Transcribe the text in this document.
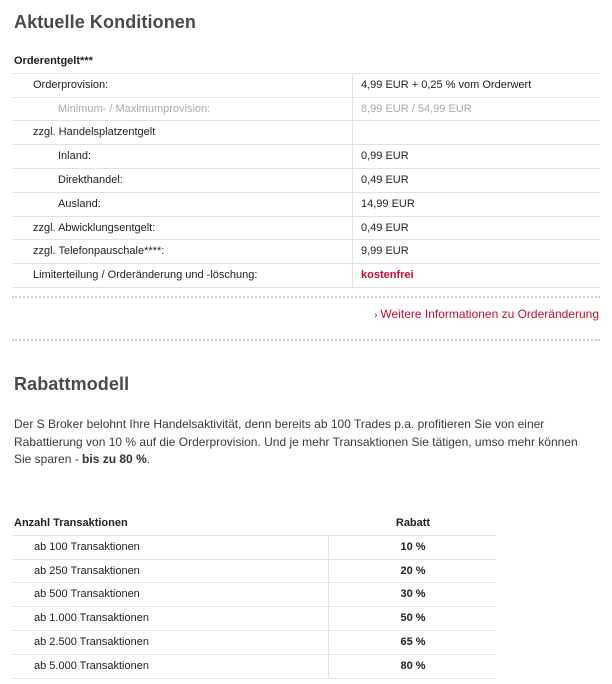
Aktuelle Konditionen
Orderentgelt***
Orderprovision:	4,99 EUR + 0,25 % vom Orderwert
Minimum- / Maximumprovision:	8,99 EUR / 54,99 EUR
zzgl. Handelsplatzentgelt
Inland:	0,99 EUR
Direkthandel:	0,49 EUR
Ausland:	14,99 EUR
zzgl. Abwicklungsentgelt:	0,49 EUR
zzgl. Telefonpauschale****:	9,99 EUR
Limiterteilung / Orderänderung und -löschung:	kostenfrei
› Weitere Informationen zu Orderänderung
Rabattmodell
Der S Broker belohnt Ihre Handelsaktivität, denn bereits ab 100 Trades p.a. profitieren Sie von einer Rabattierung von 10 % auf die Orderprovision. Und je mehr Transaktionen Sie tätigen, umso mehr können Sie sparen - bis zu 80 %.
Anzahl Transaktionen	Rabatt
ab 100 Transaktionen	10 %
ab 250 Transaktionen	20 %
ab 500 Transaktionen	30 %
ab 1.000 Transaktionen	50 %
ab 2.500 Transaktionen	65 %
ab 5.000 Transaktionen	80 %
